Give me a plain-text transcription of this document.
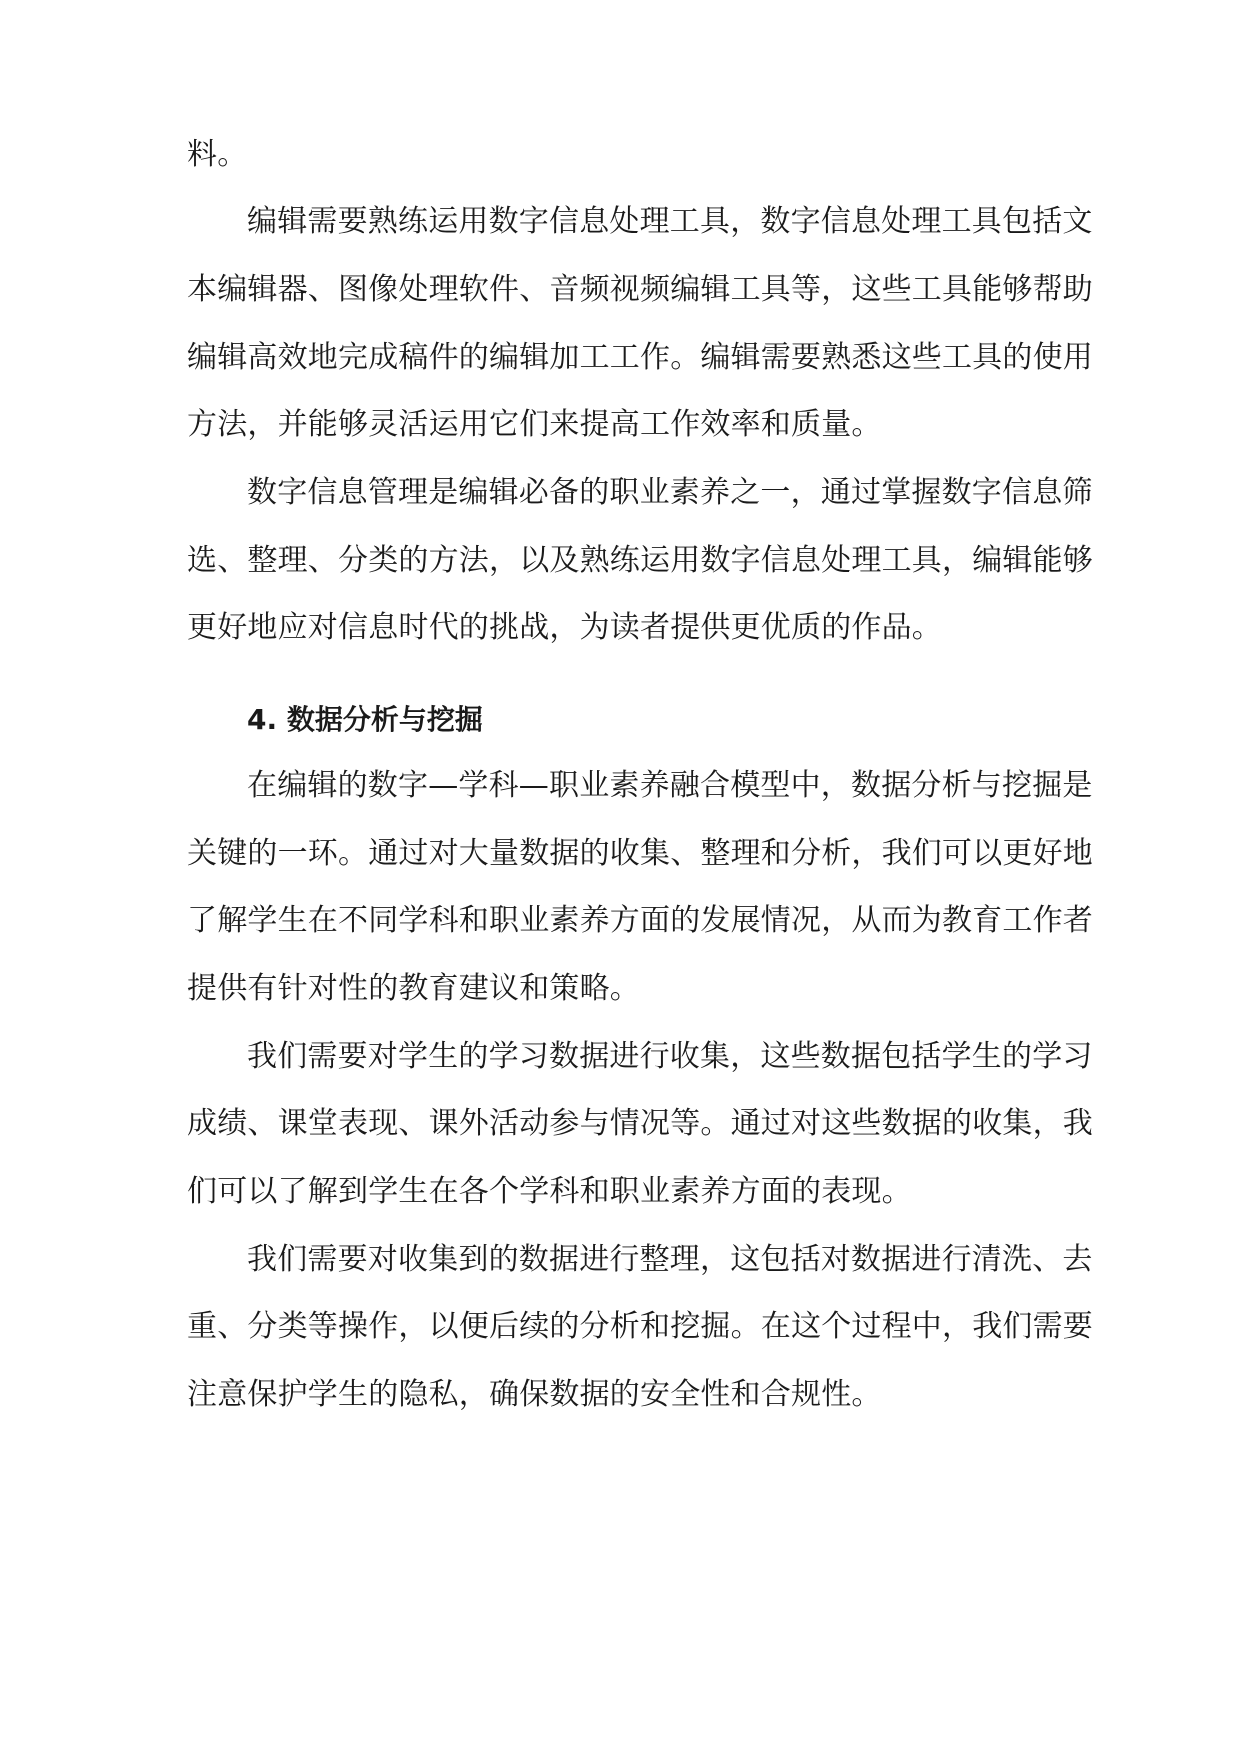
料。
编辑需要熟练运用数字信息处理工具，数字信息处理工具包括文
本编辑器、图像处理软件、音频视频编辑工具等，这些工具能够帮助
编辑高效地完成稿件的编辑加工工作。编辑需要熟悉这些工具的使用
方法，并能够灵活运用它们来提高工作效率和质量。
数字信息管理是编辑必备的职业素养之一，通过掌握数字信息筛
选、整理、分类的方法，以及熟练运用数字信息处理工具，编辑能够
更好地应对信息时代的挑战，为读者提供更优质的作品。
4. 数据分析与挖掘
在编辑的数字—学科—职业素养融合模型中，数据分析与挖掘是
关键的一环。通过对大量数据的收集、整理和分析，我们可以更好地
了解学生在不同学科和职业素养方面的发展情况，从而为教育工作者
提供有针对性的教育建议和策略。
我们需要对学生的学习数据进行收集，这些数据包括学生的学习
成绩、课堂表现、课外活动参与情况等。通过对这些数据的收集，我
们可以了解到学生在各个学科和职业素养方面的表现。
我们需要对收集到的数据进行整理，这包括对数据进行清洗、去
重、分类等操作，以便后续的分析和挖掘。在这个过程中，我们需要
注意保护学生的隐私，确保数据的安全性和合规性。
